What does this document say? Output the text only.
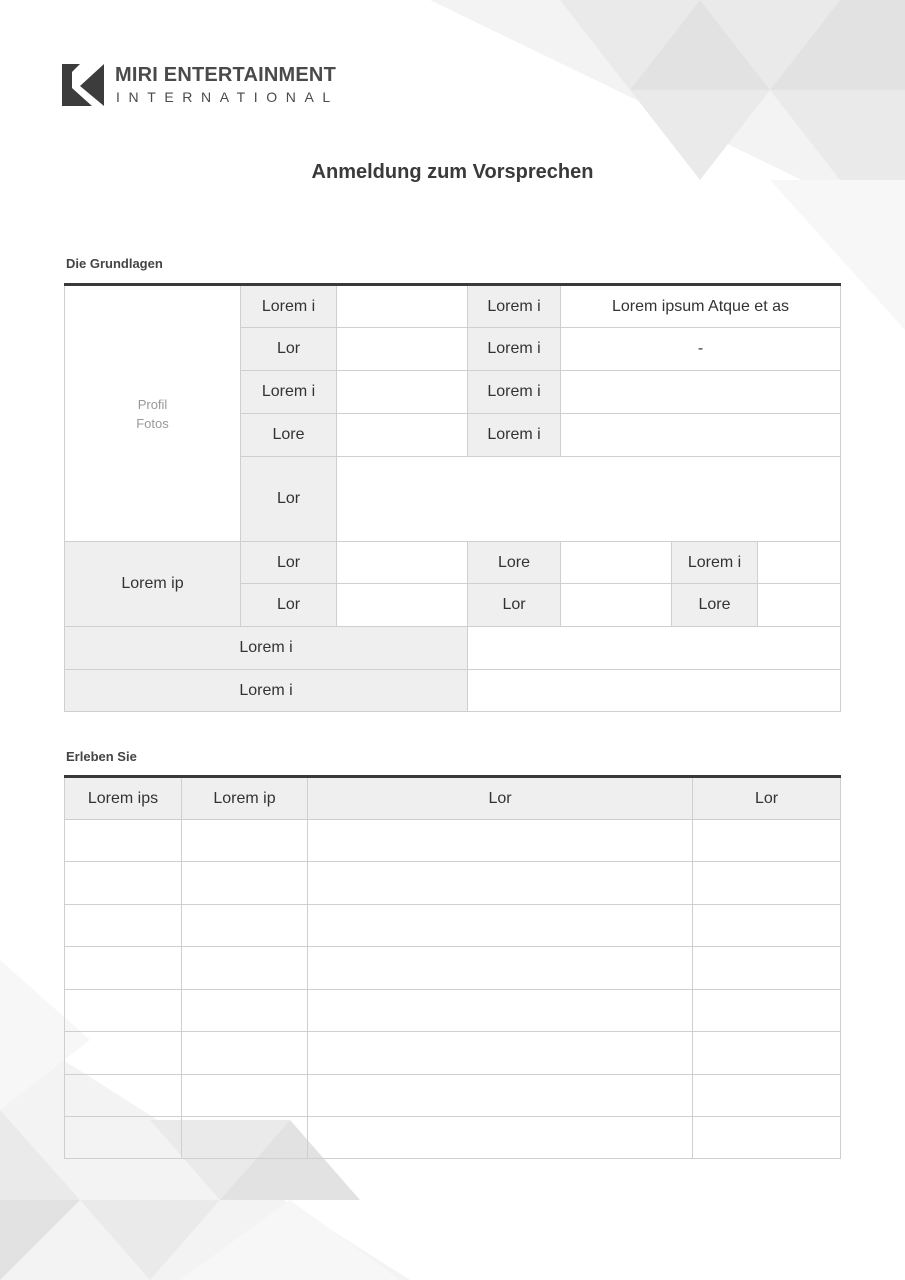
MIRI ENTERTAINMENT
INTERNATIONAL
Anmeldung zum Vorsprechen
Die Grundlagen
Profil
Fotos	Lorem i		Lorem i	Lorem ipsum Atque et as		
	Lor		Lorem i	-		
	Lorem i		Lorem i			
	Lore		Lorem i			
	Lor					
Lorem ip	Lor		Lore		Lorem i	
	Lor		Lor		Lore	
Lorem i						
Lorem i						
Erleben Sie
Lorem ips	Lorem ip	Lor	Lor
